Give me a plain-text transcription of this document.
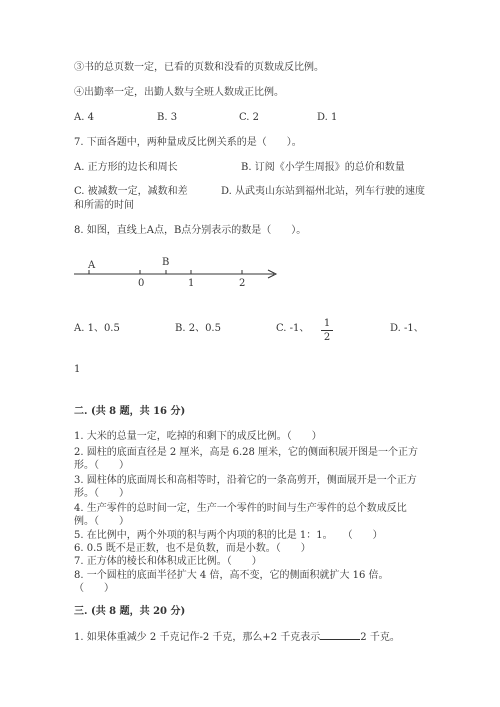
③书的总页数一定，已看的页数和没看的页数成反比例。
④出勤率一定，出勤人数与全班人数成正比例。
A. 4	B. 3	C. 2	D. 1
7. 下面各题中，两种量成反比例关系的是（　　）。
A. 正方形的边长和周长	B. 订阅《小学生周报》的总价和数量
C. 被减数一定，减数和差	D. 从武夷山东站到福州北站，列车行驶的速度
和所需的时间
8. 如图，直线上A点，B点分别表示的数是（　　）。
A	B
0	1	2
A. 1、0.5	B. 2、0.5	C. -1、 1
2
D. -1、
1
二. (共 8 题，共 16 分)
1. 大米的总量一定，吃掉的和剩下的成反比例。（　　）
2. 圆柱的底面直径是 2 厘米，高是 6.28 厘米，它的侧面积展开图是一个正方
形。（　　）
3. 圆柱体的底面周长和高相等时，沿着它的一条高剪开，侧面展开是一个正方
形。（　　）
4. 生产零件的总时间一定，生产一个零件的时间与生产零件的总个数成反比
例。（　　）
5. 在比例中，两个外项的积与两个内项的积的比是 1：1。　　（　　）
6. 0.5 既不是正数，也不是负数，而是小数。（　　）
7. 正方体的棱长和体积成正比例。（　　）
8. 一个圆柱的底面半径扩大 4 倍，高不变，它的侧面积就扩大 16 倍。
（　　）
三. (共 8 题，共 20 分)
1. 如果体重减少 2 千克记作-2 千克，那么+2 千克表示	2 千克。
